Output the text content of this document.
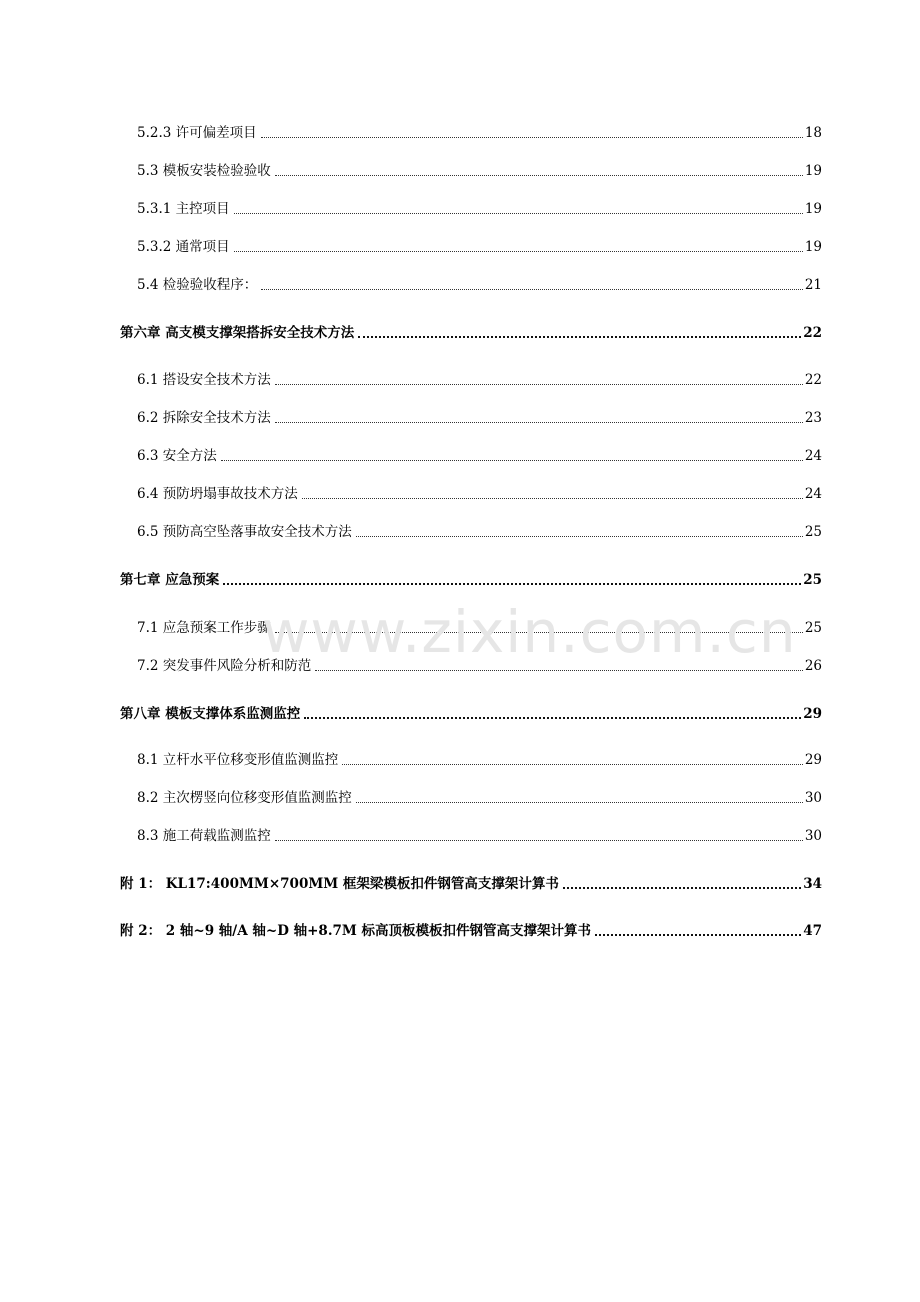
5.2.3 许可偏差项目	18
5.3 模板安装检验验收	19
5.3.1 主控项目	19
5.3.2 通常项目	19
5.4 检验验收程序：	21
第六章 高支模支撑架搭拆安全技术方法	22
6.1 搭设安全技术方法	22
6.2 拆除安全技术方法	23
6.3 安全方法	24
6.4 预防坍塌事故技术方法	24
6.5 预防高空坠落事故安全技术方法	25
第七章 应急预案	25
7.1 应急预案工作步骤	25
7.2 突发事件风险分析和防范	26
第八章 模板支撑体系监测监控	29
8.1 立杆水平位移变形值监测监控	29
8.2 主次楞竖向位移变形值监测监控	30
8.3 施工荷载监测监控	30
附 1： KL17:400MM×700MM 框架梁模板扣件钢管高支撑架计算书	34
附 2： 2 轴~9 轴/A 轴~D 轴+8.7M 标高顶板模板扣件钢管高支撑架计算书	47
www.zixin.com.cn
